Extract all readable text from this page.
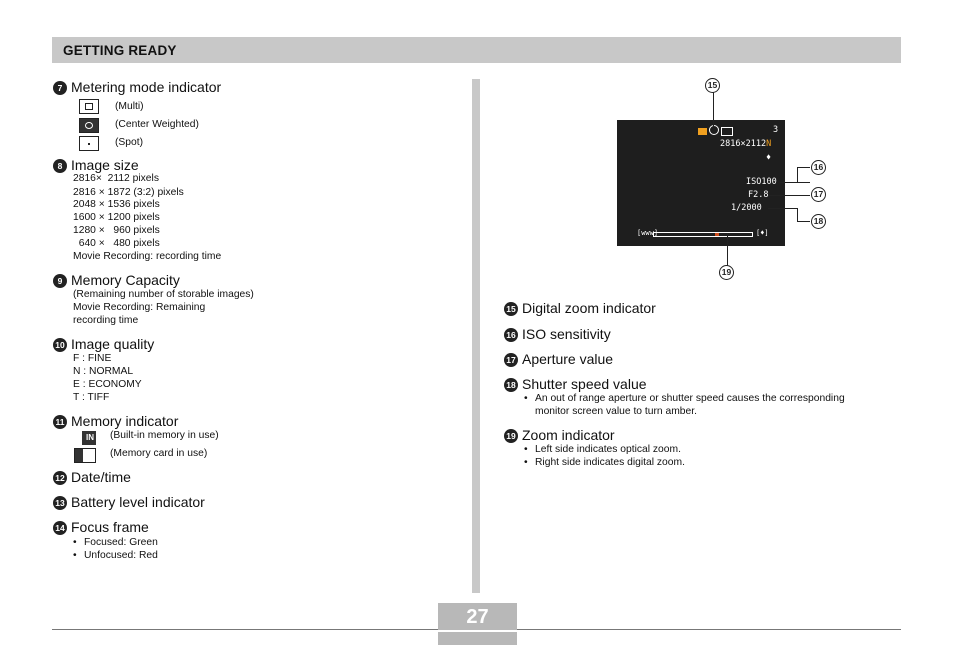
GETTING READY
7 Metering mode indicator
(Multi)
(Center Weighted)
(Spot)
8 Image size
2816×  2112 pixels
2816 × 1872 (3:2) pixels
2048 × 1536 pixels
1600 × 1200 pixels
1280 ×   960 pixels
640 ×   480 pixels
Movie Recording: recording time
9 Memory Capacity
(Remaining number of storable images)
Movie Recording: Remaining
recording time
10 Image quality
F : FINE
N : NORMAL
E : ECONOMY
T : TIFF
11 Memory indicator
IN (Built-in memory in use)
(Memory card in use)
12 Date/time
13 Battery level indicator
14 Focus frame
• Focused: Green
• Unfocused: Red
3
2816×2112N
♦
ISO100
F2.8
1/2000
[www]	[♦]
15
16
17
18
19
15 Digital zoom indicator
16 ISO sensitivity
17 Aperture value
18 Shutter speed value
• An out of range aperture or shutter speed causes the corresponding
monitor screen value to turn amber.
19 Zoom indicator
• Left side indicates optical zoom.
• Right side indicates digital zoom.
27
